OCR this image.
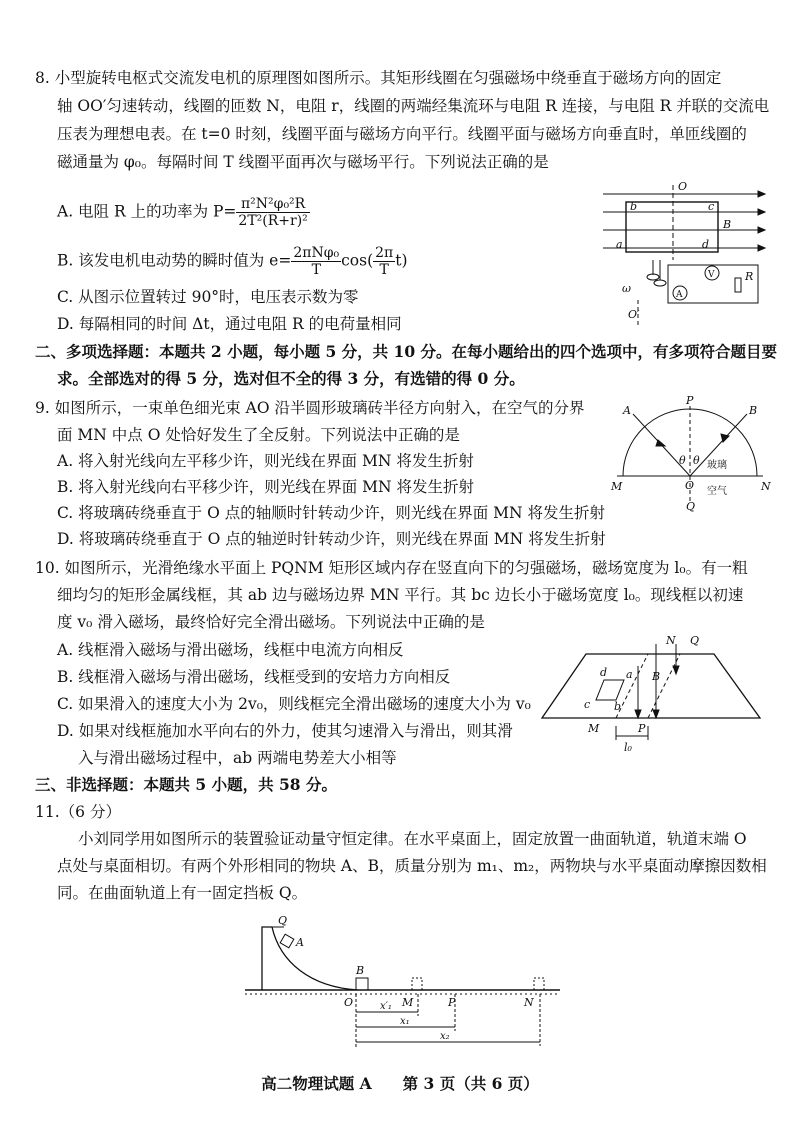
8. 小型旋转电枢式交流发电机的原理图如图所示。其矩形线圈在匀强磁场中绕垂直于磁场方向的固定
轴 OO′匀速转动，线圈的匝数 N，电阻 r，线圈的两端经集流环与电阻 R 连接，与电阻 R 并联的交流电
压表为理想电表。在 t=0 时刻，线圈平面与磁场方向平行。线圈平面与磁场方向垂直时，单匝线圈的
磁通量为 φ₀。每隔时间 T 线圈平面再次与磁场平行。下列说法正确的是
A. 电阻 R 上的功率为 $P= \frac{\text{π²N²φ₀²R}}{\text{2T²(R+r)²}}$
B. 该发电机电动势的瞬时值为 $e= \frac{\text{2πNφ₀}}{T} \cos( \frac{2\pi}{T} t)$
C. 从图示位置转过 90°时，电压表示数为零
D. 每隔相同的时间 Δt，通过电阻 R 的电荷量相同
O
b	c
B
a	d
ω
V
A
R
O′
二、多项选择题：本题共 2 小题，每小题 5 分，共 10 分。在每小题给出的四个选项中，有多项符合题目要
求。全部选对的得 5 分，选对但不全的得 3 分，有选错的得 0 分。
9. 如图所示，一束单色细光束 AO 沿半圆形玻璃砖半径方向射入，在空气的分界
面 MN 中点 O 处恰好发生了全反射。下列说法中正确的是
A. 将入射光线向左平移少许，则光线在界面 MN 将发生折射
B. 将入射光线向右平移少许，则光线在界面 MN 将发生折射
C. 将玻璃砖绕垂直于 O 点的轴顺时针转动少许，则光线在界面 MN 将发生折射
D. 将玻璃砖绕垂直于 O 点的轴逆时针转动少许，则光线在界面 MN 将发生折射
A
P
B
θ θ 玻璃
M	O	N
空气
Q
10. 如图所示，光滑绝缘水平面上 PQNM 矩形区域内存在竖直向下的匀强磁场，磁场宽度为 l₀。有一粗
细均匀的矩形金属线框，其 ab 边与磁场边界 MN 平行。其 bc 边长小于磁场宽度 l₀。现线框以初速
度 v₀ 滑入磁场，最终恰好完全滑出磁场。下列说法中正确的是
A. 线框滑入磁场与滑出磁场，线框中电流方向相反
B. 线框滑入磁场与滑出磁场，线框受到的安培力方向相反
C. 如果滑入的速度大小为 2v₀，则线框完全滑出磁场的速度大小为 v₀
D. 如果对线框施加水平向右的外力，使其匀速滑入与滑出，则其滑
入与滑出磁场过程中，ab 两端电势差大小相等
N Q
d a B
c b
M	P
l₀
三、非选择题：本题共 5 小题，共 58 分。
11.（6 分）
小刘同学用如图所示的装置验证动量守恒定律。在水平桌面上，固定放置一曲面轨道，轨道末端 O
点处与桌面相切。有两个外形相同的物块 A、B，质量分别为 m₁、m₂，两物块与水平桌面动摩擦因数相
同。在曲面轨道上有一固定挡板 Q。
Q
A
B
O	M	P	N
x′₁
x₁
x₂
高二物理试题 A　　第 3 页（共 6 页）
